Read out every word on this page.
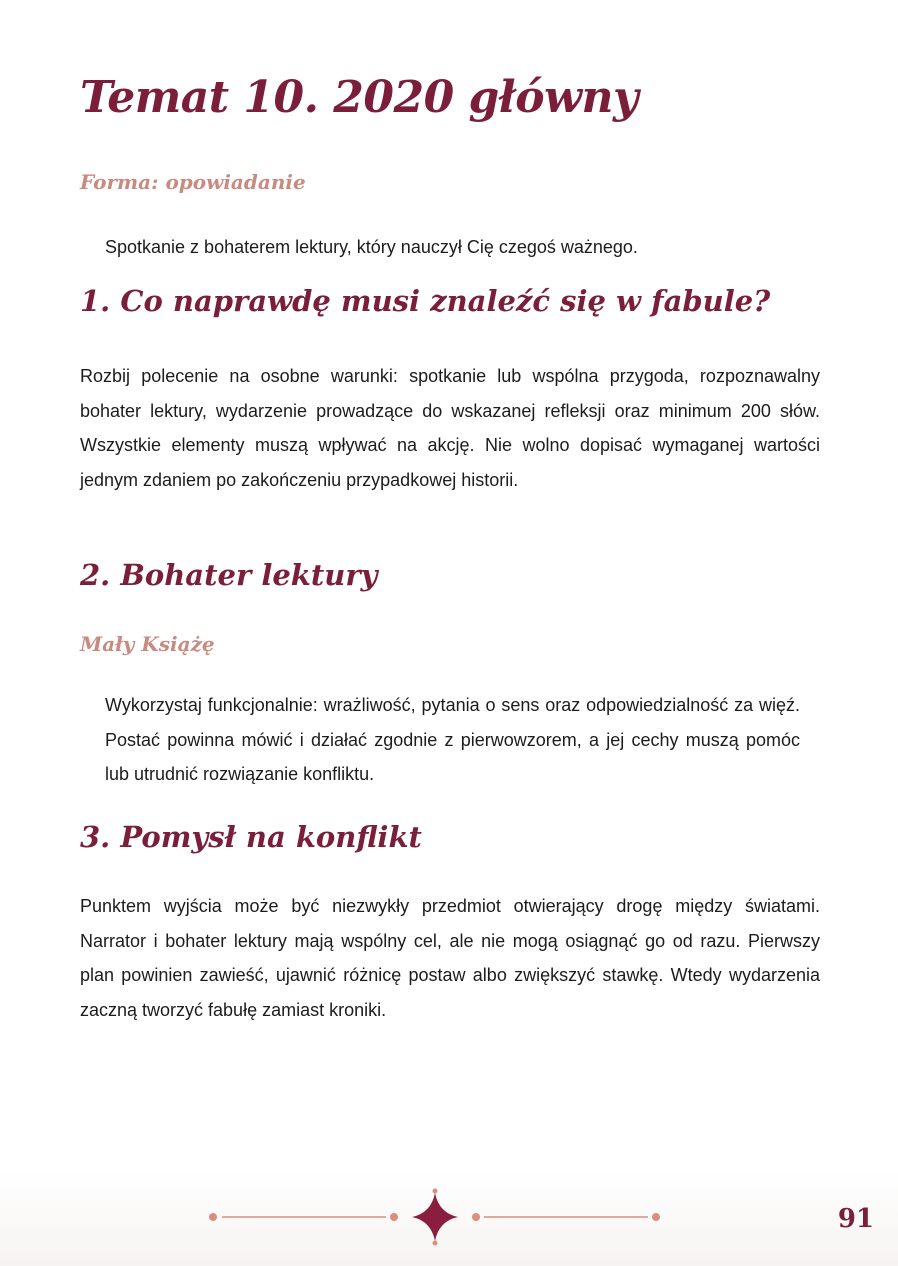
Temat 10. 2020 główny

Forma: opowiadanie

Spotkanie z bohaterem lektury, który nauczył Cię czegoś ważnego.

1. Co naprawdę musi znaleźć się w fabule?

Rozbij polecenie na osobne warunki: spotkanie lub wspólna przygoda, rozpoznawalny bohater lektury, wydarzenie prowadzące do wskazanej refleksji oraz minimum 200 słów. Wszystkie elementy muszą wpływać na akcję. Nie wolno dopisać wymaganej wartości jednym zdaniem po zakończeniu przypadkowej historii.

2. Bohater lektury

Mały Książę

Wykorzystaj funkcjonalnie: wrażliwość, pytania o sens oraz odpowiedzialność za więź. Postać powinna mówić i działać zgodnie z pierwowzorem, a jej cechy muszą pomóc lub utrudnić rozwiązanie konfliktu.

3. Pomysł na konflikt

Punktem wyjścia może być niezwykły przedmiot otwierający drogę między światami. Narrator i bohater lektury mają wspólny cel, ale nie mogą osiągnąć go od razu. Pierwszy plan powinien zawieść, ujawnić różnicę postaw albo zwiększyć stawkę. Wtedy wydarzenia zaczną tworzyć fabułę zamiast kroniki.

91
